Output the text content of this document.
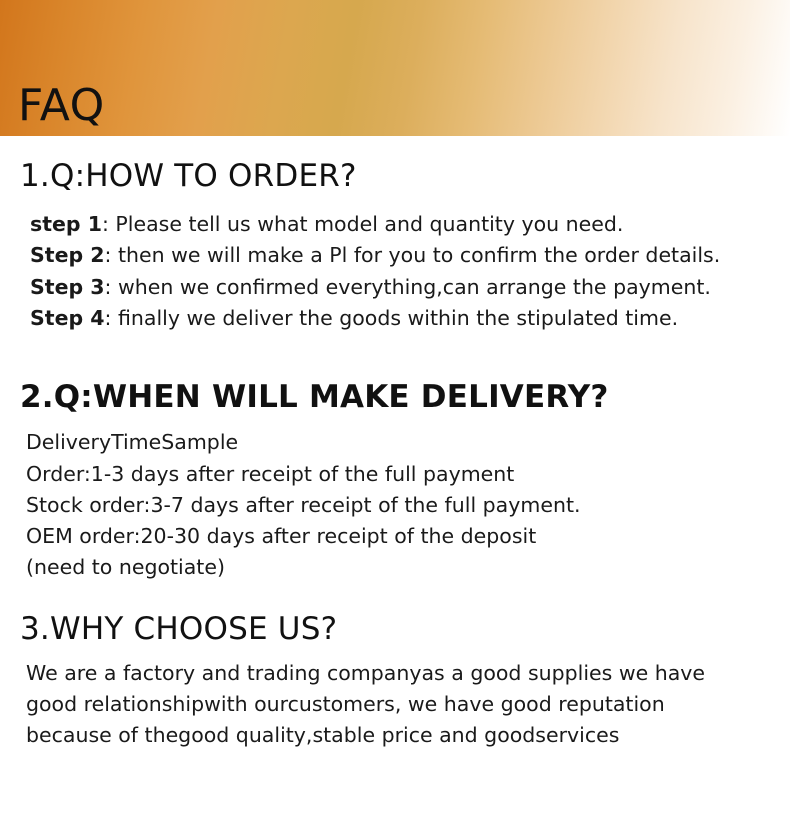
FAQ
1.Q:HOW TO ORDER?
step 1: Please tell us what model and quantity you need.
Step 2: then we will make a Pl for you to confirm the order details.
Step 3: when we confirmed everything,can arrange the payment.
Step 4: finally we deliver the goods within the stipulated time.
2.Q:WHEN WILL MAKE DELIVERY?
DeliveryTimeSample
Order:1-3 days after receipt of the full payment
Stock order:3-7 days after receipt of the full payment.
OEM order:20-30 days after receipt of the deposit
(need to negotiate)
3.WHY CHOOSE US?

We are a factory and trading companyas a good supplies we have good relationshipwith ourcustomers, we have good reputation because of thegood quality,stable price and goodservices
